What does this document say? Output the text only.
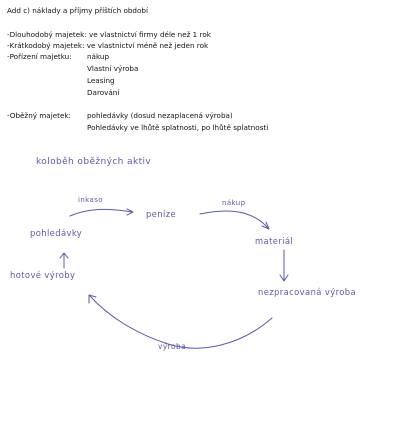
Add c) náklady a příjmy příštích období
-Dlouhodobý majetek: ve vlastnictví firmy déle než 1 rok
-Krátkodobý majetek: ve vlastnictví méně než jeden rok
-Pořízení majetku: nákup
Vlastní výroba
Leasing
Darování
-Oběžný majetek: pohledávky (dosud nezaplacená výroba)
Pohledávky ve lhůtě splatnosti, po lhůtě splatnosti
koloběh oběžných aktiv
inkaso	nákup
peníze
pohledávky
materiál
hotové výroby
nezpracovaná výroba
výroba
